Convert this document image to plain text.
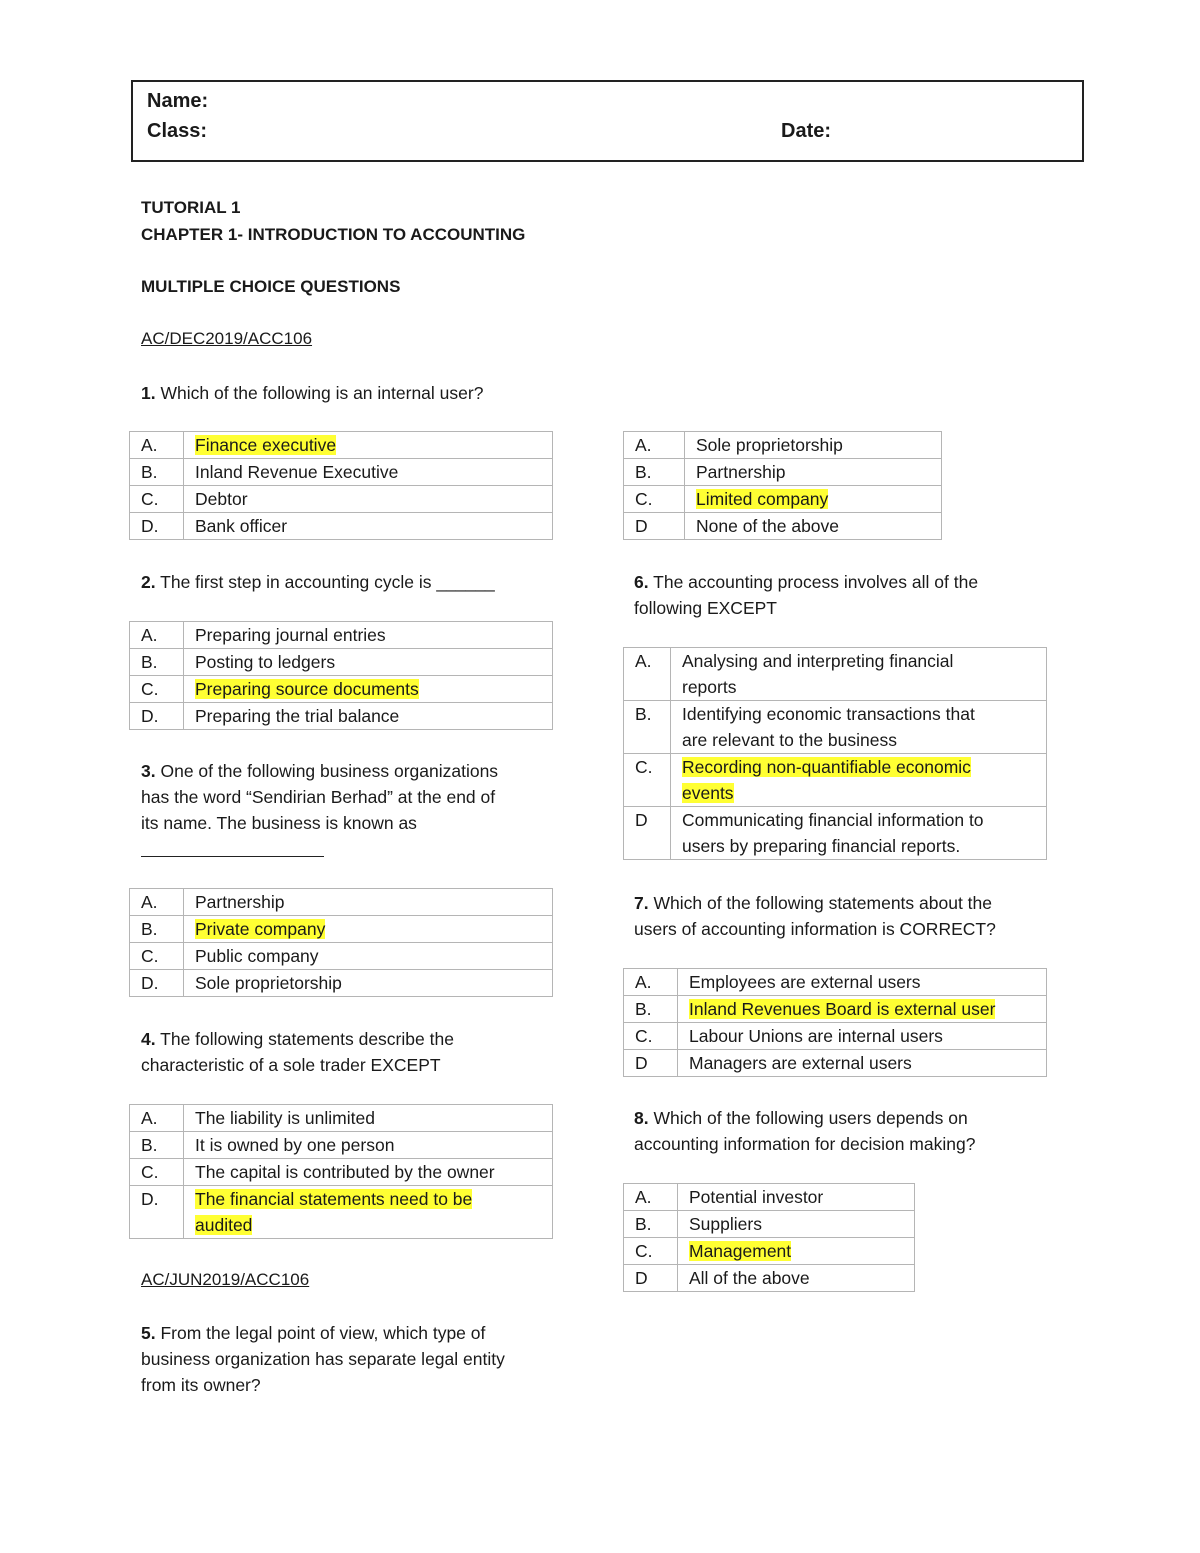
Name:
Class:	Date:
TUTORIAL 1
CHAPTER 1- INTRODUCTION TO ACCOUNTING
MULTIPLE CHOICE QUESTIONS
AC/DEC2019/ACC106
1. Which of the following is an internal user?
A.	Finance executive
B.	Inland Revenue Executive
C.	Debtor
D.	Bank officer
2. The first step in accounting cycle is ______
A.	Preparing journal entries
B.	Posting to ledgers
C.	Preparing source documents
D.	Preparing the trial balance
3. One of the following business organizations
has the word “Sendirian Berhad” at the end of
its name. The business is known as
A.	Partnership
B.	Private company
C.	Public company
D.	Sole proprietorship
4. The following statements describe the
characteristic of a sole trader EXCEPT
A.	The liability is unlimited
B.	It is owned by one person
C.	The capital is contributed by the owner
D.	The financial statements need to be
audited
AC/JUN2019/ACC106
5. From the legal point of view, which type of
business organization has separate legal entity
from its owner?
A.	Sole proprietorship
B.	Partnership
C.	Limited company
D	None of the above
6. The accounting process involves all of the
following EXCEPT
A.	Analysing and interpreting financial
reports
B.	Identifying economic transactions that
are relevant to the business
C.	Recording non-quantifiable economic
events
D	Communicating financial information to
users by preparing financial reports.
7. Which of the following statements about the
users of accounting information is CORRECT?
A.	Employees are external users
B.	Inland Revenues Board is external user
C.	Labour Unions are internal users
D	Managers are external users
8. Which of the following users depends on
accounting information for decision making?
A.	Potential investor
B.	Suppliers
C.	Management
D	All of the above
